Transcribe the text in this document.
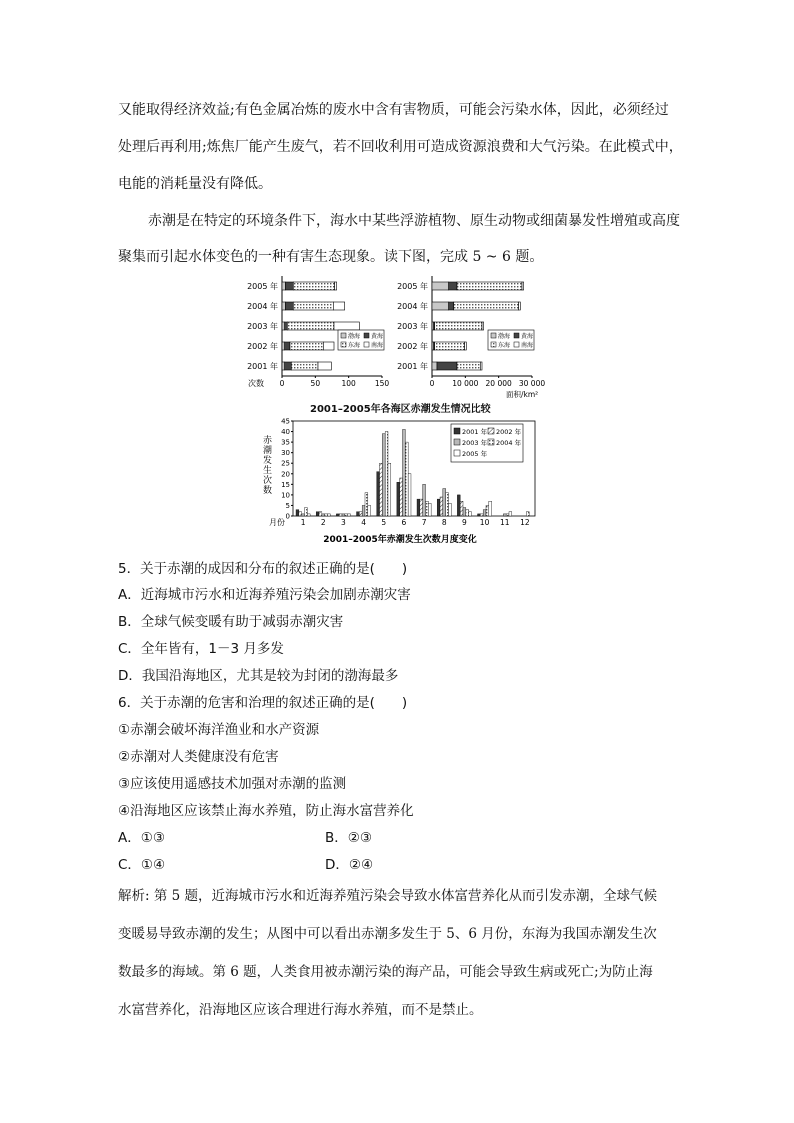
又能取得经济效益;有色金属冶炼的废水中含有害物质，可能会污染水体，因此，必须经过
处理后再利用;炼焦厂能产生废气，若不回收利用可造成资源浪费和大气污染。在此模式中，
电能的消耗量没有降低。
赤潮是在特定的环境条件下，海水中某些浮游植物、原生动物或细菌暴发性增殖或高度
聚集而引起水体变色的一种有害生态现象。读下图，完成 5 ~ 6 题。
2005 年
2004 年
2003 年
2002 年
2001 年
0	50	100	150
渤海 黄海
东海 南海
次数
2005 年
2004 年
2003 年
2002 年
2001 年
0 10 000 20 000 30 000
渤海 黄海
东海 南海
面积/km²
2001–2005年各海区赤潮发生情况比较
0
5
10
15
20
25
30
35
40
45
赤
潮
发
生
次
数
1 2 3 4 5 6 7 8 9 10 11 12
月份
2001 年 2002 年
2003 年 2004 年
2005 年
2001–2005年赤潮发生次数月度变化
5．关于赤潮的成因和分布的叙述正确的是(　　)
A．近海城市污水和近海养殖污染会加剧赤潮灾害
B．全球气候变暖有助于减弱赤潮灾害
C．全年皆有，1－3 月多发
D．我国沿海地区，尤其是较为封闭的渤海最多
6．关于赤潮的危害和治理的叙述正确的是(　　)
①赤潮会破坏海洋渔业和水产资源
②赤潮对人类健康没有危害
③应该使用遥感技术加强对赤潮的监测
④沿海地区应该禁止海水养殖，防止海水富营养化
A．①③	B．②③
C．①④	D．②④
解析: 第 5 题，近海城市污水和近海养殖污染会导致水体富营养化从而引发赤潮，全球气候
变暖易导致赤潮的发生；从图中可以看出赤潮多发生于 5、6 月份，东海为我国赤潮发生次
数最多的海域。第 6 题，人类食用被赤潮污染的海产品，可能会导致生病或死亡;为防止海
水富营养化，沿海地区应该合理进行海水养殖，而不是禁止。
